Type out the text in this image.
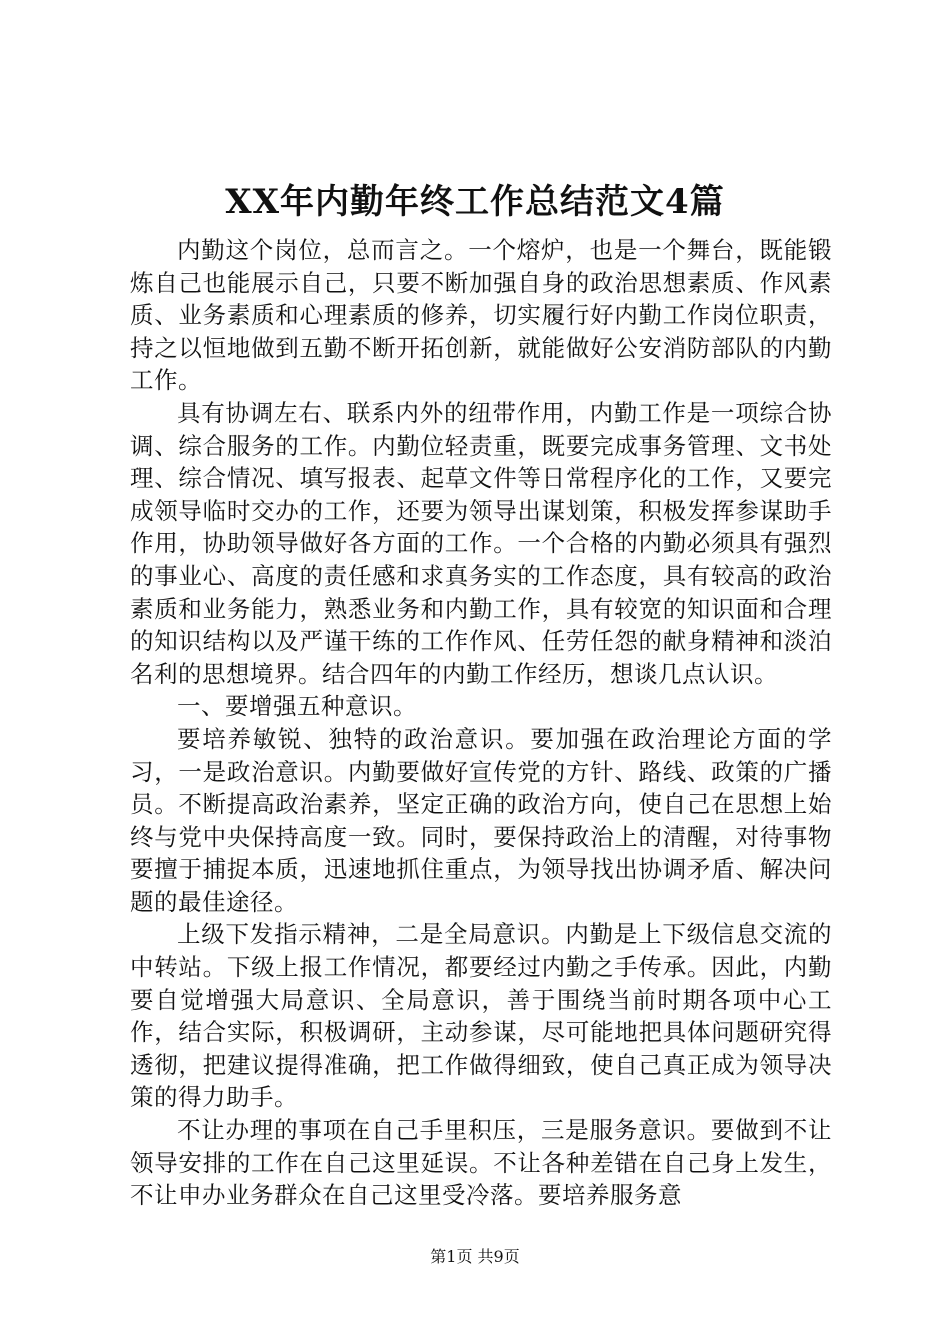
XX年内勤年终工作总结范文4篇

内勤这个岗位，总而言之。一个熔炉，也是一个舞台，既能锻炼自己也能展示自己，只要不断加强自身的政治思想素质、作风素质、业务素质和心理素质的修养，切实履行好内勤工作岗位职责，持之以恒地做到五勤不断开拓创新，就能做好公安消防部队的内勤工作。

具有协调左右、联系内外的纽带作用，内勤工作是一项综合协调、综合服务的工作。内勤位轻责重，既要完成事务管理、文书处理、综合情况、填写报表、起草文件等日常程序化的工作，又要完成领导临时交办的工作，还要为领导出谋划策，积极发挥参谋助手作用，协助领导做好各方面的工作。一个合格的内勤必须具有强烈的事业心、高度的责任感和求真务实的工作态度，具有较高的政治素质和业务能力，熟悉业务和内勤工作，具有较宽的知识面和合理的知识结构以及严谨干练的工作作风、任劳任怨的献身精神和淡泊名利的思想境界。结合四年的内勤工作经历，想谈几点认识。

一、要增强五种意识。

要培养敏锐、独特的政治意识。要加强在政治理论方面的学习，一是政治意识。内勤要做好宣传党的方针、路线、政策的广播员。不断提高政治素养，坚定正确的政治方向，使自己在思想上始终与党中央保持高度一致。同时，要保持政治上的清醒，对待事物要擅于捕捉本质，迅速地抓住重点，为领导找出协调矛盾、解决问题的最佳途径。

上级下发指示精神，二是全局意识。内勤是上下级信息交流的中转站。下级上报工作情况，都要经过内勤之手传承。因此，内勤要自觉增强大局意识、全局意识，善于围绕当前时期各项中心工作，结合实际，积极调研，主动参谋，尽可能地把具体问题研究得透彻，把建议提得准确，把工作做得细致，使自己真正成为领导决策的得力助手。

不让办理的事项在自己手里积压，三是服务意识。要做到不让领导安排的工作在自己这里延误。不让各种差错在自己身上发生，不让申办业务群众在自己这里受冷落。要培养服务意

第1页 共9页
